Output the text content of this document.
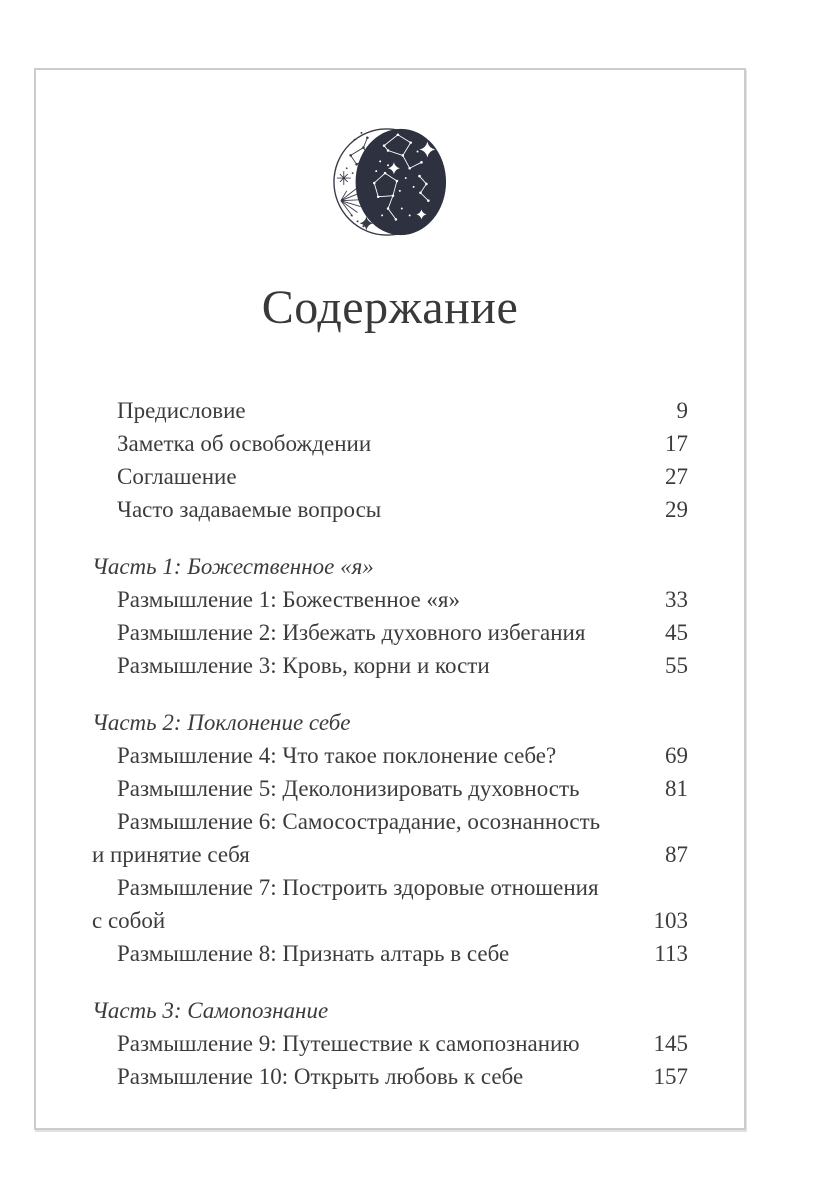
Содержание
Предисловие	9
Заметка об освобождении	17
Соглашение	27
Часто задаваемые вопросы	29
Часть 1: Божественное «я»
Размышление 1: Божественное «я»	33
Размышление 2: Избежать духовного избегания	45
Размышление 3: Кровь, корни и кости	55
Часть 2: Поклонение себе
Размышление 4: Что такое поклонение себе?	69
Размышление 5: Деколонизировать духовность	81
Размышление 6: Самосострадание, осознанность
и принятие себя	87
Размышление 7: Построить здоровые отношения
с собой	103
Размышление 8: Признать алтарь в себе	113
Часть 3: Самопознание
Размышление 9: Путешествие к самопознанию	145
Размышление 10: Открыть любовь к себе	157
